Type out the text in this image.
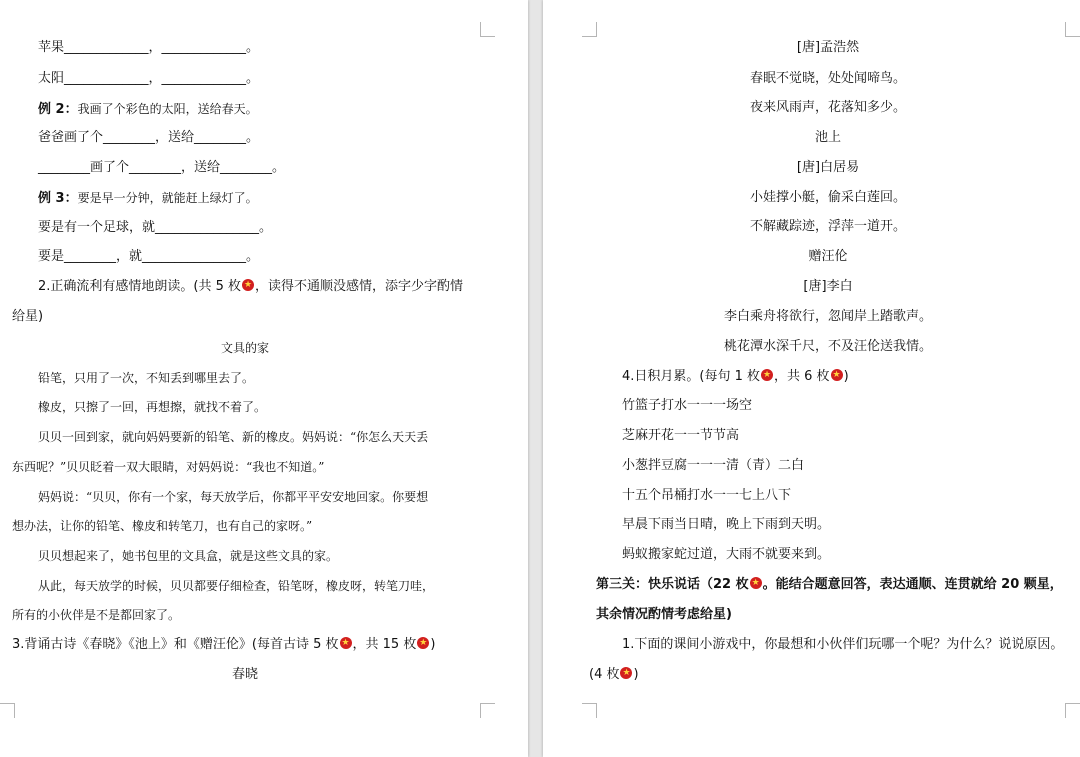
苹果_____________，_____________。
太阳_____________，_____________。
例 2：我画了个彩色的太阳，送给春天。
爸爸画了个________，送给________。
________画了个________，送给________。
例 3：要是早一分钟，就能赶上绿灯了。
要是有一个足球，就________________。
要是________，就________________。
2.正确流利有感情地朗读。(共 5 枚 ★ ，读得不通顺没感情，添字少字酌情
给星)
文具的家
铅笔，只用了一次，不知丢到哪里去了。
橡皮，只擦了一回，再想擦，就找不着了。
贝贝一回到家，就向妈妈要新的铅笔、新的橡皮。妈妈说：“你怎么天天丢
东西呢？”贝贝眨着一双大眼睛，对妈妈说：“我也不知道。”
妈妈说：“贝贝，你有一个家，每天放学后，你都平平安安地回家。你要想
想办法，让你的铅笔、橡皮和转笔刀，也有自己的家呀。”
贝贝想起来了，她书包里的文具盒，就是这些文具的家。
从此，每天放学的时候，贝贝都要仔细检查，铅笔呀，橡皮呀，转笔刀哇，
所有的小伙伴是不是都回家了。
3.背诵古诗《春晓》《池上》和《赠汪伦》(每首古诗 5 枚 ★ ，共 15 枚 ★ )
春晓
[唐]孟浩然
春眠不觉晓，处处闻啼鸟。
夜来风雨声，花落知多少。
池上
[唐]白居易
小娃撑小艇，偷采白莲回。
不解藏踪迹，浮萍一道开。
赠汪伦
[唐]李白
李白乘舟将欲行，忽闻岸上踏歌声。
桃花潭水深千尺，不及汪伦送我情。
4.日积月累。(每句 1 枚 ★ ，共 6 枚 ★ )
竹篮子打水一一一场空
芝麻开花一一节节高
小葱拌豆腐一一一清（青）二白
十五个吊桶打水一一七上八下
早晨下雨当日晴，晚上下雨到天明。
蚂蚁搬家蛇过道，大雨不就要来到。
第三关：快乐说话（22 枚 ★ 。能结合题意回答，表达通顺、连贯就给 20 颗星，
其余情况酌情考虑给星)
1.下面的课间小游戏中，你最想和小伙伴们玩哪一个呢？为什么？说说原因。
(4 枚 ★ )
